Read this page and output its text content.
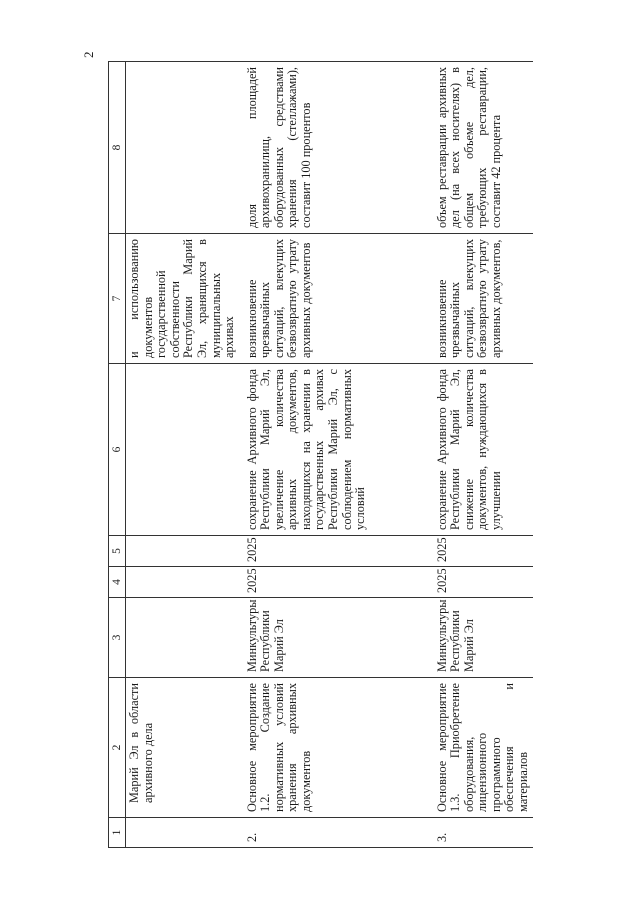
2
1	2	3	4	5	6	7	8
	Марий Эл в области архивного дела					и использованию документов государственной собственности Республики Марий Эл, хранящихся в муниципальных архивах	
2.	Основное мероприятие 1.2. Создание нормативных условий хранения архивных документов	Минкультуры Республики Марий Эл	2025	2025	сохранение Архивного фонда Республики Марий Эл, увеличение количества архивных документов, находящихся на хранении в государственных архивах Республики Марий Эл, с соблюдением нормативных условий	возникновение чрезвычайных ситуаций, влекущих безвозвратную утрату архивных документов	доля площадей архивохранилищ, оборудованных средствами хранения (стеллажами), составит 100 процентов
3.	Основное мероприятие 1.3. Приобретение оборудования, лицензионного программного обеспечения и материалов	Минкультуры Республики Марий Эл	2025	2025	сохранение Архивного фонда Республики Марий Эл, снижение количества документов, нуждающихся в улучшении	возникновение чрезвычайных ситуаций, влекущих безвозвратную утрату архивных документов,	объем реставрации архивных дел (на всех носителях) в общем объеме дел, требующих реставрации, составит 42 процента
